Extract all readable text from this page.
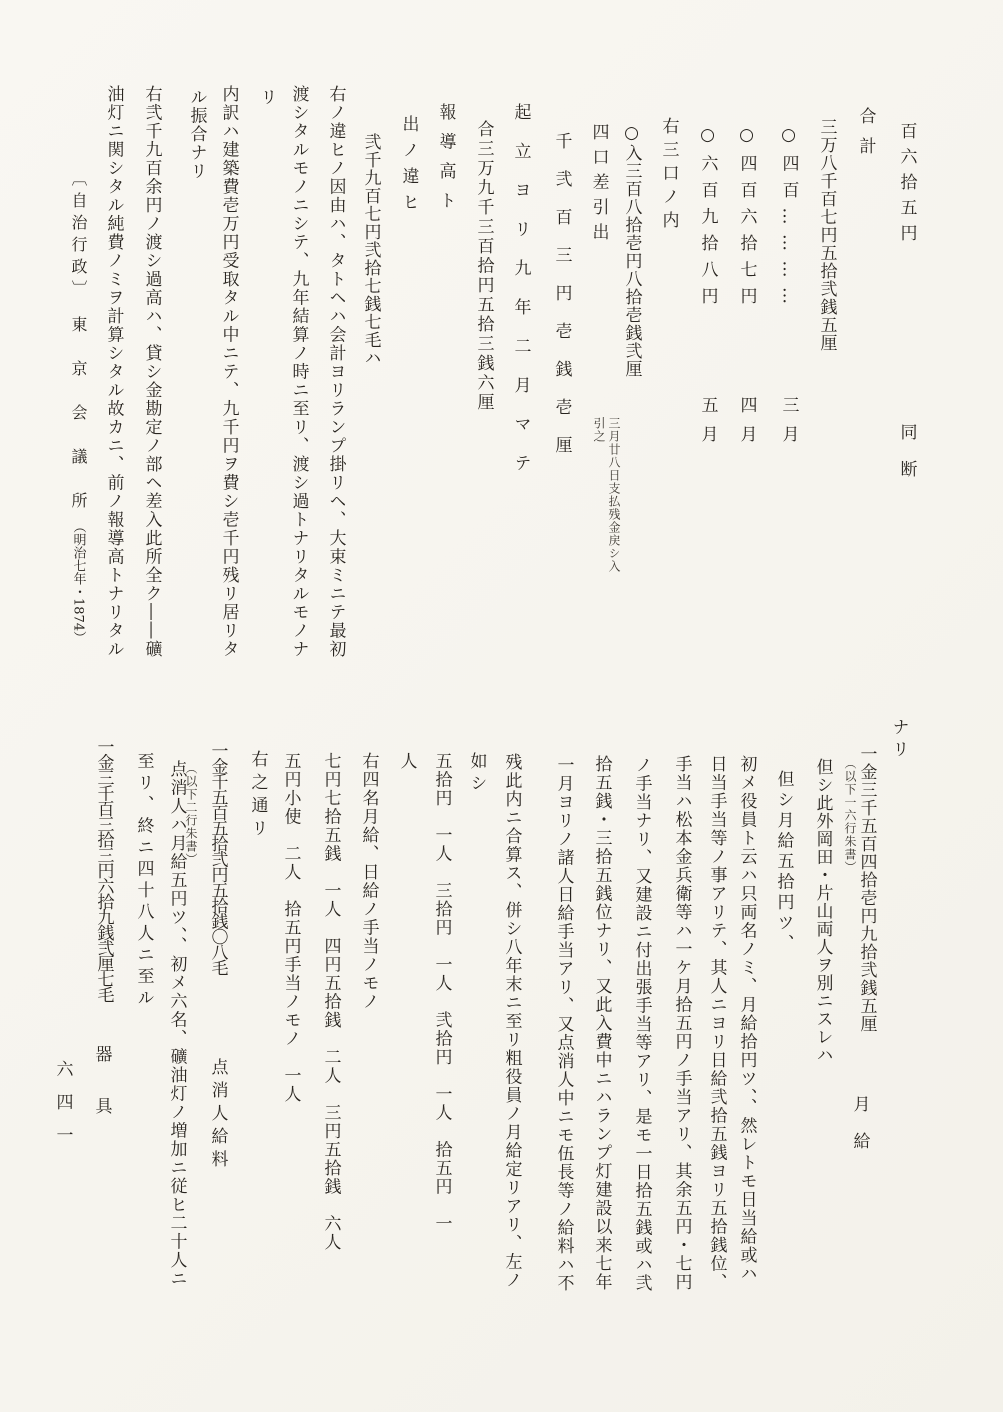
百六拾五円
同　断
合計
三万八千百七円五拾弐銭五厘
○四百…………
三月
○四百六拾七円
四月
○六百九拾八円
五月
右三口ノ内
○入三百八拾壱円八拾壱銭弐厘
三月廿八日支払残金戻シ入
引之
四口差引出
千弐百三円壱銭壱厘
起立ヨリ九年二月マテ
合三万九千三百拾円五拾三銭六厘
報導高ト
出ノ違ヒ
弐千九百七円弐拾七銭七毛ハ
右ノ違ヒノ因由ハ、タトヘハ会計ヨリランプ掛リヘ、大束ミニテ最初
渡シタルモノニシテ、九年結算ノ時ニ至リ、渡シ過トナリタルモノナ
リ
内訳ハ建築費壱万円受取タル中ニテ、九千円ヲ費シ壱千円残リ居リタ
ル振合ナリ
右弐千九百余円ノ渡シ過高ハ、貸シ金勘定ノ部ヘ差入此所全ク――礦
油灯ニ関シタル純費ノミヲ計算シタル故カニ、前ノ報導高トナリタル
〔自治行政〕　東　京　会　議　所
（明治七年・1874）
ナリ
一金三千五百四拾壱円九拾弐銭五厘
月　給
（以下一六行朱書）
但シ此外岡田・片山両人ヲ別ニスレハ
但シ月給五拾円ツ、
初メ役員ト云ハ只両名ノミ、月給拾円ツ、、然レトモ日当給或ハ
日当手当等ノ事アリテ、其人ニヨリ日給弐拾五銭ヨリ五拾銭位、
手当ハ松本金兵衛等ハ一ケ月拾五円ノ手当アリ、其余五円・七円
ノ手当ナリ、又建設ニ付出張手当等アリ、是モ一日拾五銭或ハ弐
拾五銭・三拾五銭位ナリ、又此入費中ニハランプ灯建設以来七年
一月ヨリノ諸人日給手当アリ、又点消人中ニモ伍長等ノ給料ハ不
残此内ニ合算ス、併シ八年末ニ至リ粗役員ノ月給定リアリ、左ノ
如シ
五拾円　一人　三拾円　一人　弐拾円　一人　拾五円　一
人
右四名月給、日給ノ手当ノモノ
七円七拾五銭　一人　四円五拾銭　二人　三円五拾銭　六人
五円小使　二人　拾五円手当ノモノ　一人
右之通リ
一金千五百五拾弐円五拾銭〇八毛
点消人給料
（以下二行朱書）
点消人ハ月給五円ツ、、初メ六名、礦油灯ノ増加ニ従ヒ二十人ニ
至リ、終ニ四十八人ニ至ル
一金三千百三拾三円六拾九銭弐厘七毛
器　具
六四一
